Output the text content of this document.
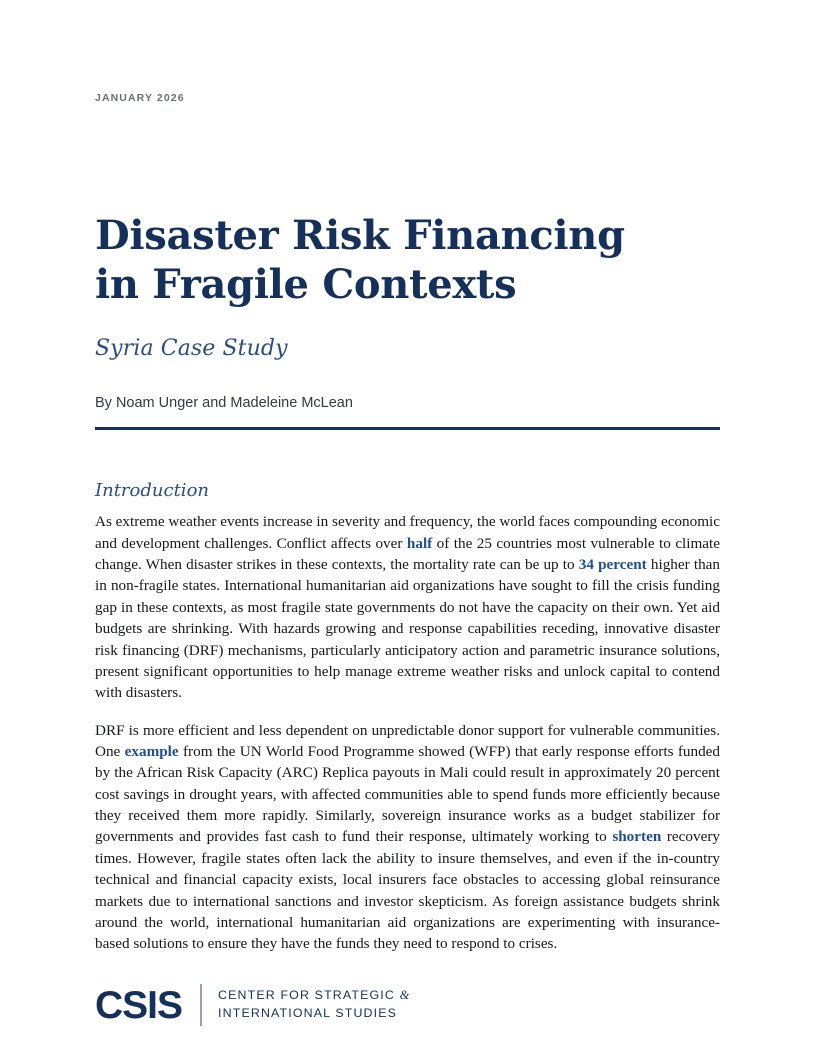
JANUARY 2026
Disaster Risk Financing
in Fragile Contexts
Syria Case Study
By Noam Unger and Madeleine McLean
Introduction

As extreme weather events increase in severity and frequency, the world faces compounding economic and development challenges. Conflict affects over half of the 25 countries most vulnerable to climate change. When disaster strikes in these contexts, the mortality rate can be up to 34 percent higher than in non-fragile states. International humanitarian aid organizations have sought to fill the crisis funding gap in these contexts, as most fragile state governments do not have the capacity on their own. Yet aid budgets are shrinking. With hazards growing and response capabilities receding, innovative disaster risk financing (DRF) mechanisms, particularly anticipatory action and parametric insurance solutions, present significant opportunities to help manage extreme weather risks and unlock capital to contend with disasters.

DRF is more efficient and less dependent on unpredictable donor support for vulnerable communities. One example from the UN World Food Programme showed (WFP) that early response efforts funded by the African Risk Capacity (ARC) Replica payouts in Mali could result in approximately 20 percent cost savings in drought years, with affected communities able to spend funds more efficiently because they received them more rapidly. Similarly, sovereign insurance works as a budget stabilizer for governments and provides fast cash to fund their response, ultimately working to shorten recovery times. However, fragile states often lack the ability to insure themselves, and even if the in-country technical and financial capacity exists, local insurers face obstacles to accessing global reinsurance markets due to international sanctions and investor skepticism. As foreign assistance budgets shrink around the world, international humanitarian aid organizations are experimenting with insurance-based solutions to ensure they have the funds they need to respond to crises.

CSIS	CENTER FOR STRATEGIC &
INTERNATIONAL STUDIES
